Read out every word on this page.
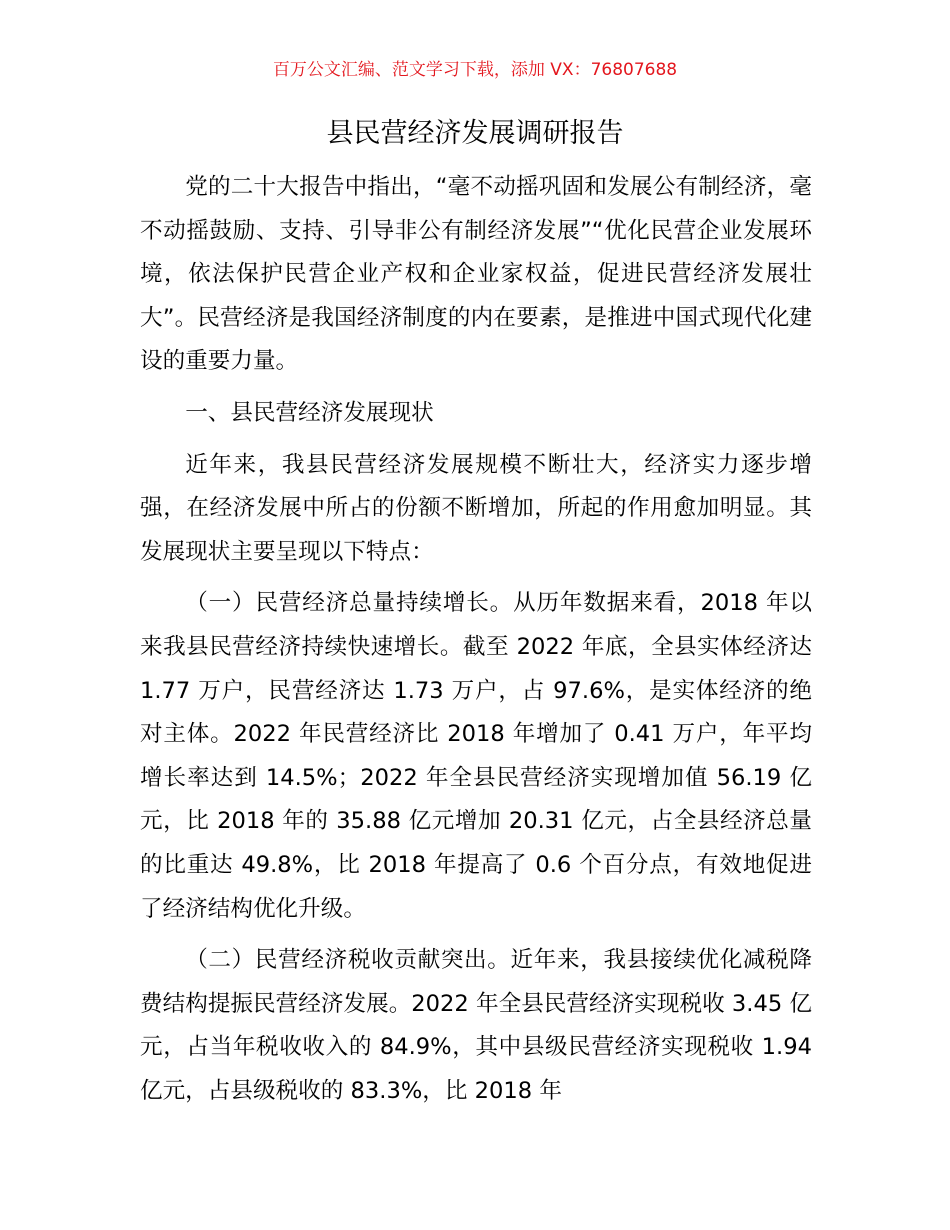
百万公文汇编、范文学习下载，添加 VX：76807688
县民营经济发展调研报告

党的二十大报告中指出，“毫不动摇巩固和发展公有制经济，毫不动摇鼓励、支持、引导非公有制经济发展”“优化民营企业发展环境，依法保护民营企业产权和企业家权益，促进民营经济发展壮大”。民营经济是我国经济制度的内在要素，是推进中国式现代化建设的重要力量。

一、县民营经济发展现状

近年来，我县民营经济发展规模不断壮大，经济实力逐步增强，在经济发展中所占的份额不断增加，所起的作用愈加明显。其发展现状主要呈现以下特点：

（一）民营经济总量持续增长。从历年数据来看，2018 年以来我县民营经济持续快速增长。截至 2022 年底，全县实体经济达 1.77 万户，民营经济达 1.73 万户，占 97.6%，是实体经济的绝对主体。2022 年民营经济比 2018 年增加了 0.41 万户，年平均增长率达到 14.5%；2022 年全县民营经济实现增加值 56.19 亿元，比 2018 年的 35.88 亿元增加 20.31 亿元，占全县经济总量的比重达 49.8%，比 2018 年提高了 0.6 个百分点，有效地促进了经济结构优化升级。

（二）民营经济税收贡献突出。近年来，我县接续优化减税降费结构提振民营经济发展。2022 年全县民营经济实现税收 3.45 亿元，占当年税收收入的 84.9%，其中县级民营经济实现税收 1.94 亿元，占县级税收的 83.3%，比 2018 年
